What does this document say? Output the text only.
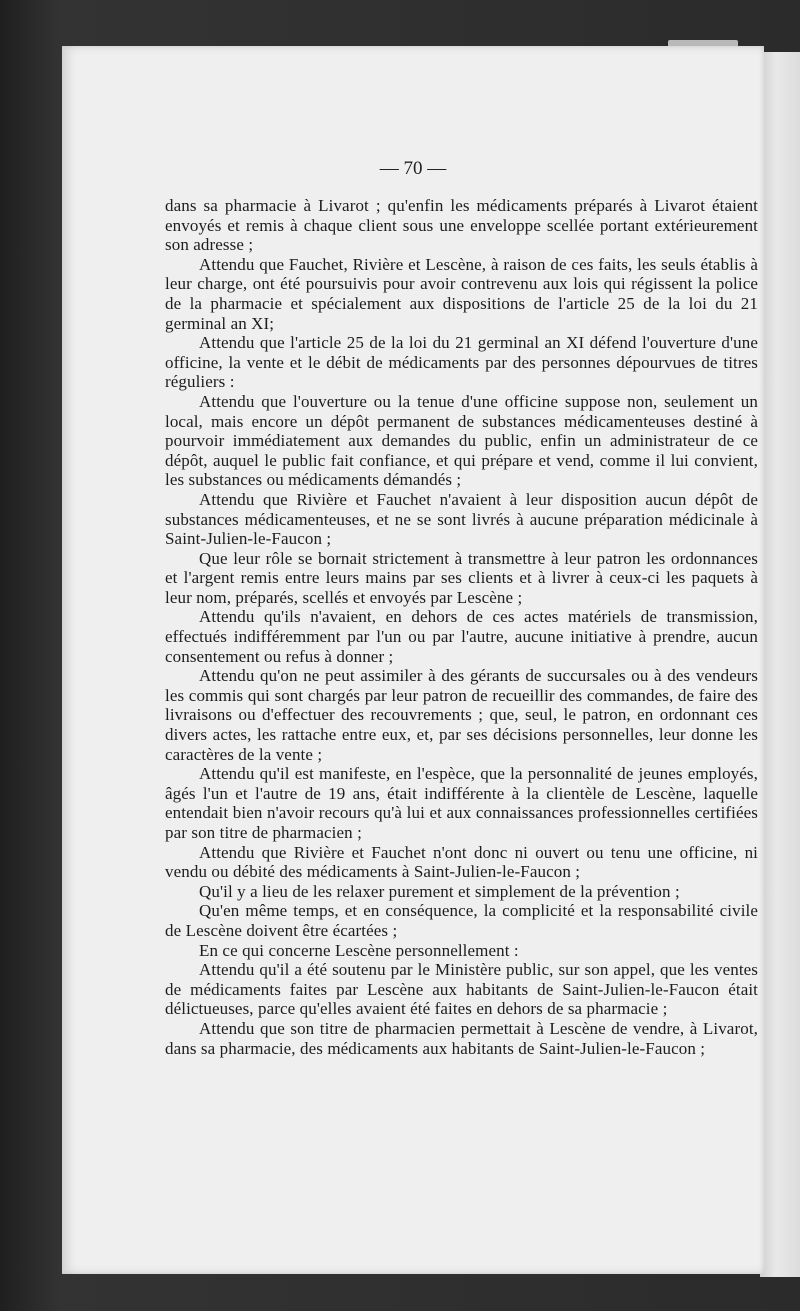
— 70 —

dans sa pharmacie à Livarot ; qu'enfin les médicaments préparés à Livarot étaient envoyés et remis à chaque client sous une enveloppe scellée portant extérieurement son adresse ;

Attendu que Fauchet, Rivière et Lescène, à raison de ces faits, les seuls établis à leur charge, ont été poursuivis pour avoir contrevenu aux lois qui régissent la police de la pharmacie et spécialement aux dispositions de l'article 25 de la loi du 21 germinal an XI;

Attendu que l'article 25 de la loi du 21 germinal an XI défend l'ouverture d'une officine, la vente et le débit de médicaments par des personnes dépourvues de titres réguliers :

Attendu que l'ouverture ou la tenue d'une officine suppose non, seulement un local, mais encore un dépôt permanent de substances médicamenteuses destiné à pourvoir immédiatement aux demandes du public, enfin un administrateur de ce dépôt, auquel le public fait confiance, et qui prépare et vend, comme il lui convient, les substances ou médicaments démandés ;

Attendu que Rivière et Fauchet n'avaient à leur disposition aucun dépôt de substances médicamenteuses, et ne se sont livrés à aucune préparation médicinale à Saint-Julien-le-Faucon ;

Que leur rôle se bornait strictement à transmettre à leur patron les ordonnances et l'argent remis entre leurs mains par ses clients et à livrer à ceux-ci les paquets à leur nom, préparés, scellés et envoyés par Lescène ;

Attendu qu'ils n'avaient, en dehors de ces actes matériels de transmission, effectués indifféremment par l'un ou par l'autre, aucune initiative à prendre, aucun consentement ou refus à donner ;

Attendu qu'on ne peut assimiler à des gérants de succursales ou à des vendeurs les commis qui sont chargés par leur patron de recueillir des commandes, de faire des livraisons ou d'effectuer des recouvrements ; que, seul, le patron, en ordonnant ces divers actes, les rattache entre eux, et, par ses décisions personnelles, leur donne les caractères de la vente ;

Attendu qu'il est manifeste, en l'espèce, que la personnalité de jeunes employés, âgés l'un et l'autre de 19 ans, était indifférente à la clientèle de Lescène, laquelle entendait bien n'avoir recours qu'à lui et aux connaissances professionnelles certifiées par son titre de pharmacien ;

Attendu que Rivière et Fauchet n'ont donc ni ouvert ou tenu une officine, ni vendu ou débité des médicaments à Saint-Julien-le-Faucon ;

Qu'il y a lieu de les relaxer purement et simplement de la prévention ;

Qu'en même temps, et en conséquence, la complicité et la responsabilité civile de Lescène doivent être écartées ;

En ce qui concerne Lescène personnellement :

Attendu qu'il a été soutenu par le Ministère public, sur son appel, que les ventes de médicaments faites par Lescène aux habitants de Saint-Julien-le-Faucon était délictueuses, parce qu'elles avaient été faites en dehors de sa pharmacie ;

Attendu que son titre de pharmacien permettait à Lescène de vendre, à Livarot, dans sa pharmacie, des médicaments aux habitants de Saint-Julien-le-Faucon ;
